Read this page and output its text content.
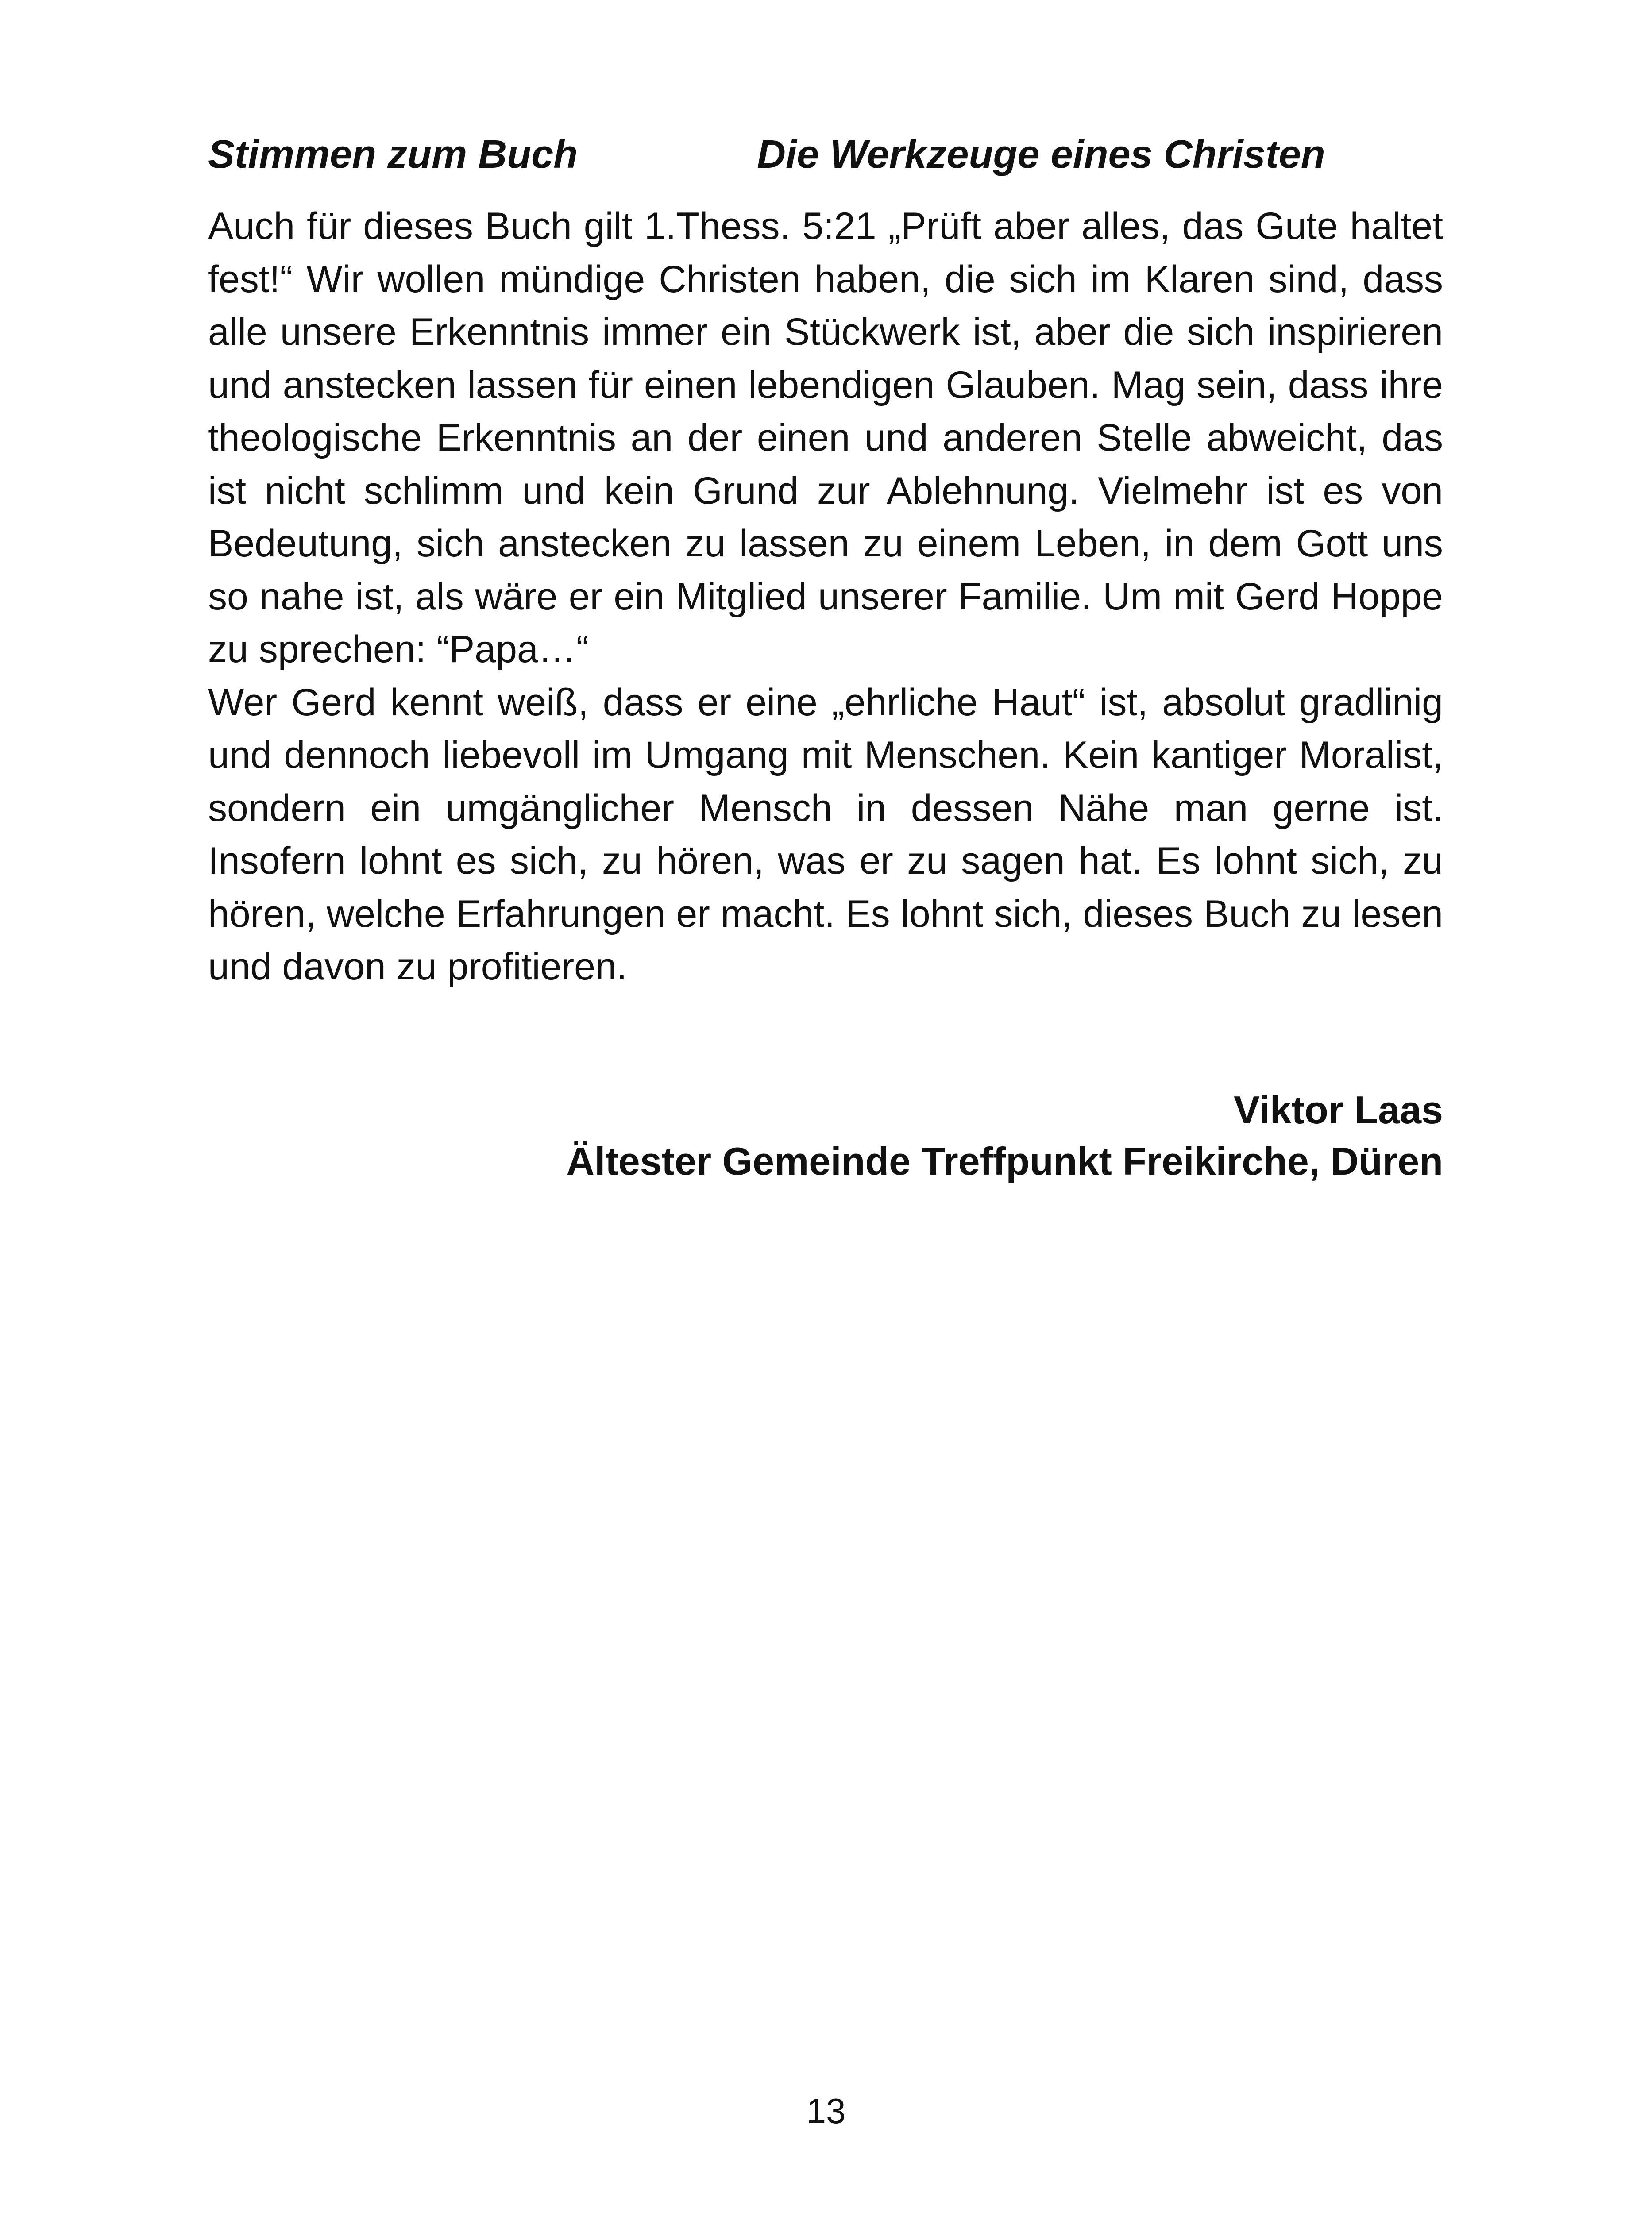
Stimmen zum Buch	Die Werkzeuge eines Christen

Auch für dieses Buch gilt 1.Thess. 5:21 „Prüft aber alles, das Gute haltet fest!“ Wir wollen mündige Christen haben, die sich im Klaren sind, dass alle unsere Erkenntnis immer ein Stückwerk ist, aber die sich inspirieren und anstecken lassen für einen lebendigen Glauben. Mag sein, dass ihre theologische Erkenntnis an der einen und anderen Stelle abweicht, das ist nicht schlimm und kein Grund zur Ablehnung. Vielmehr ist es von Bedeutung, sich anstecken zu lassen zu einem Leben, in dem Gott uns so nahe ist, als wäre er ein Mitglied unserer Familie. Um mit Gerd Hoppe zu sprechen: “Papa…“

Wer Gerd kennt weiß, dass er eine „ehrliche Haut“ ist, absolut gradlinig und dennoch liebevoll im Umgang mit Menschen. Kein kantiger Moralist, sondern ein umgänglicher Mensch in dessen Nähe man gerne ist. Insofern lohnt es sich, zu hören, was er zu sagen hat. Es lohnt sich, zu hören, welche Erfahrungen er macht. Es lohnt sich, dieses Buch zu lesen und davon zu profitieren.

Viktor Laas
Ältester Gemeinde Treffpunkt Freikirche, Düren
13
